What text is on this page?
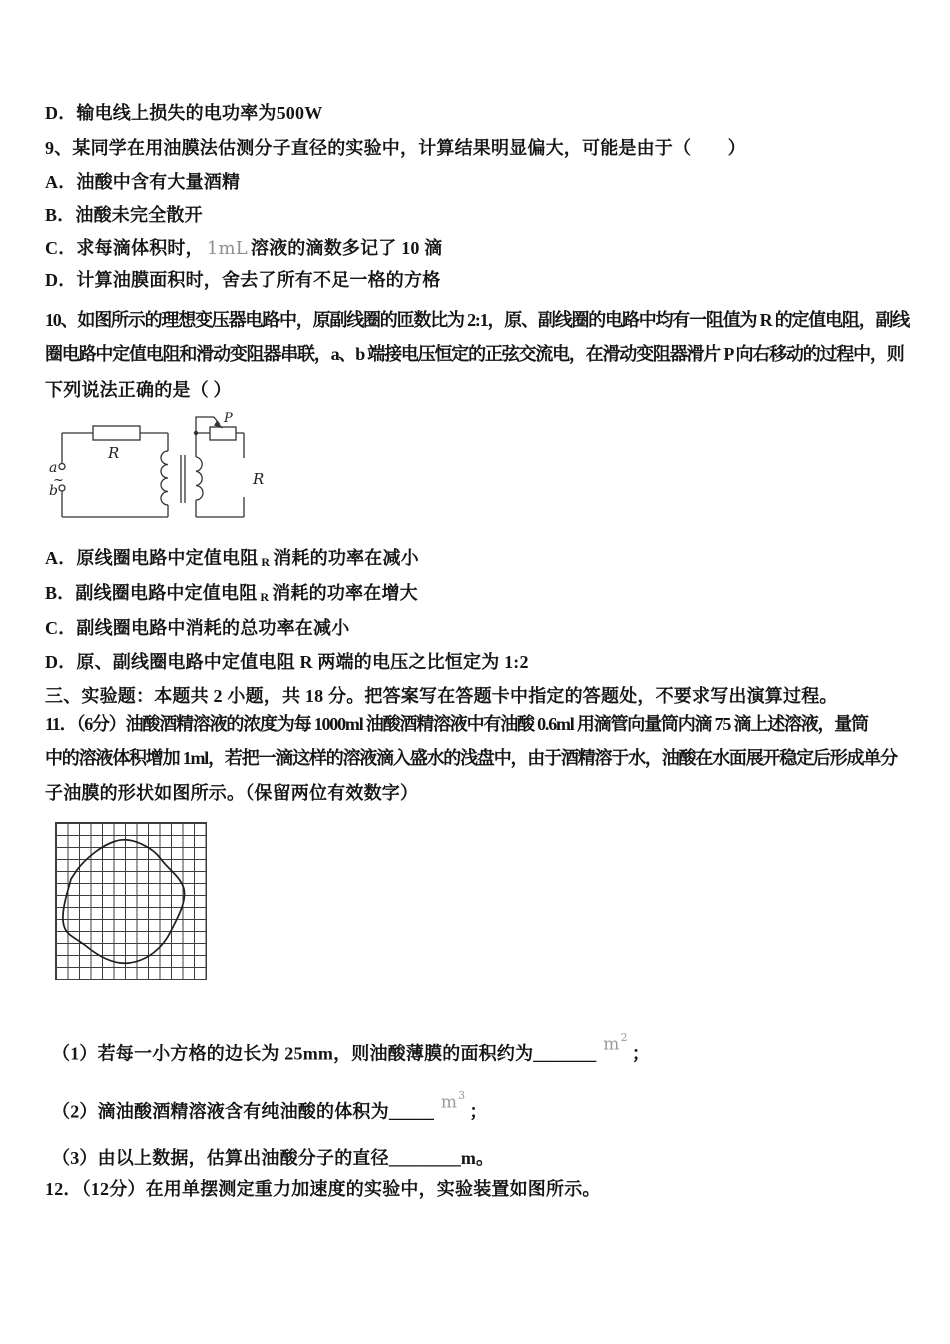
D．输电线上损失的电功率为500W
9、某同学在用油膜法估测分子直径的实验中，计算结果明显偏大，可能是由于（　　）
A．油酸中含有大量酒精
B．油酸未完全散开
C．求每滴体积时， 1mL 溶液的滴数多记了 10 滴
D．计算油膜面积时，舍去了所有不足一格的方格
10、如图所示的理想变压器电路中，原副线圈的匝数比为 2:1，原、副线圈的电路中均有一阻值为 R 的定值电阻，副线
圈电路中定值电阻和滑动变阻器串联，a、b 端接电压恒定的正弦交流电，在滑动变阻器滑片 P 向右移动的过程中，则
下列说法正确的是（ ）
R
a
b
~	R
P
A．原线圈电路中定值电阻 R 消耗的功率在减小
B．副线圈电路中定值电阻 R 消耗的功率在增大
C．副线圈电路中消耗的总功率在减小
D．原、副线圈电路中定值电阻 R 两端的电压之比恒定为 1:2
三、实验题：本题共 2 小题，共 18 分。把答案写在答题卡中指定的答题处，不要求写出演算过程。
11．（6分）油酸酒精溶液的浓度为每 1000ml 油酸酒精溶液中有油酸 0.6ml 用滴管向量筒内滴 75 滴上述溶液，量筒
中的溶液体积增加 1ml，若把一滴这样的溶液滴入盛水的浅盘中，由于酒精溶于水，油酸在水面展开稳定后形成单分
子油膜的形状如图所示。（保留两位有效数字）
（1）若每一小方格的边长为 25mm，则油酸薄膜的面积约为_______ $m^2$；
（2）滴油酸酒精溶液含有纯油酸的体积为_____ $m^3$；
（3）由以上数据，估算出油酸分子的直径________m。
12．（12分）在用单摆测定重力加速度的实验中，实验装置如图所示。
